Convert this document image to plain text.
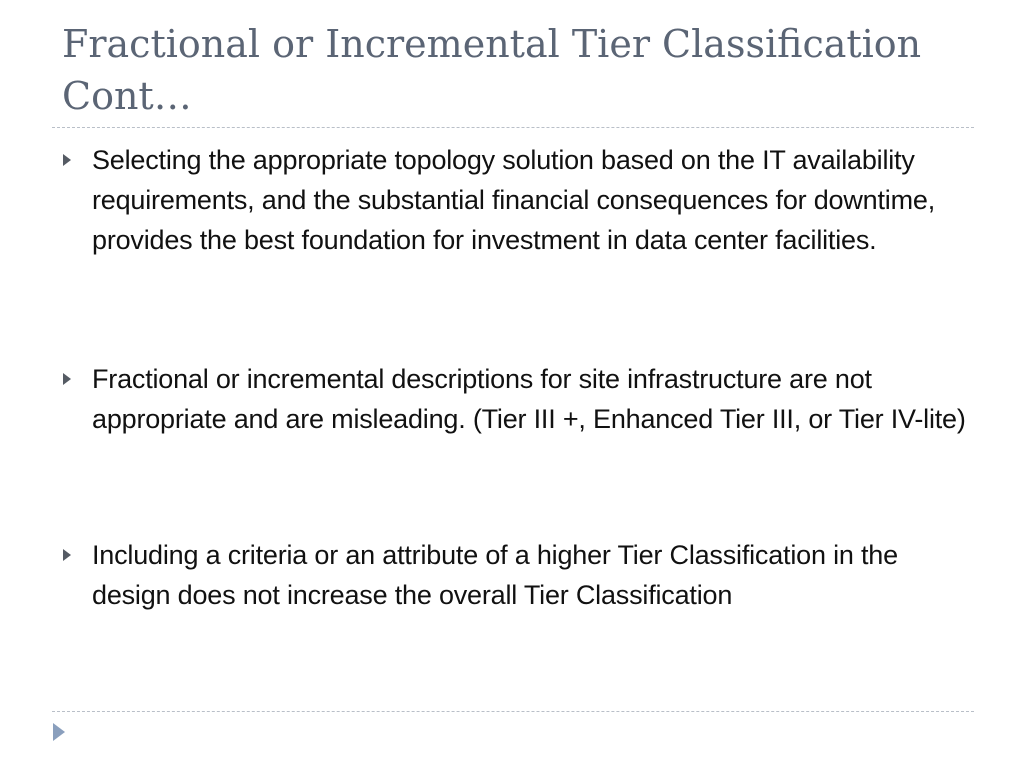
Fractional or Incremental Tier Classification Cont…
Selecting the appropriate topology solution based on the IT availability requirements, and the substantial financial consequences for downtime, provides the best foundation for investment in data center facilities.
Fractional or incremental descriptions for site infrastructure are not appropriate and are misleading. (Tier III +, Enhanced Tier III, or Tier IV-lite)
Including a criteria or an attribute of a higher Tier Classification in the design does not increase the overall Tier Classification
